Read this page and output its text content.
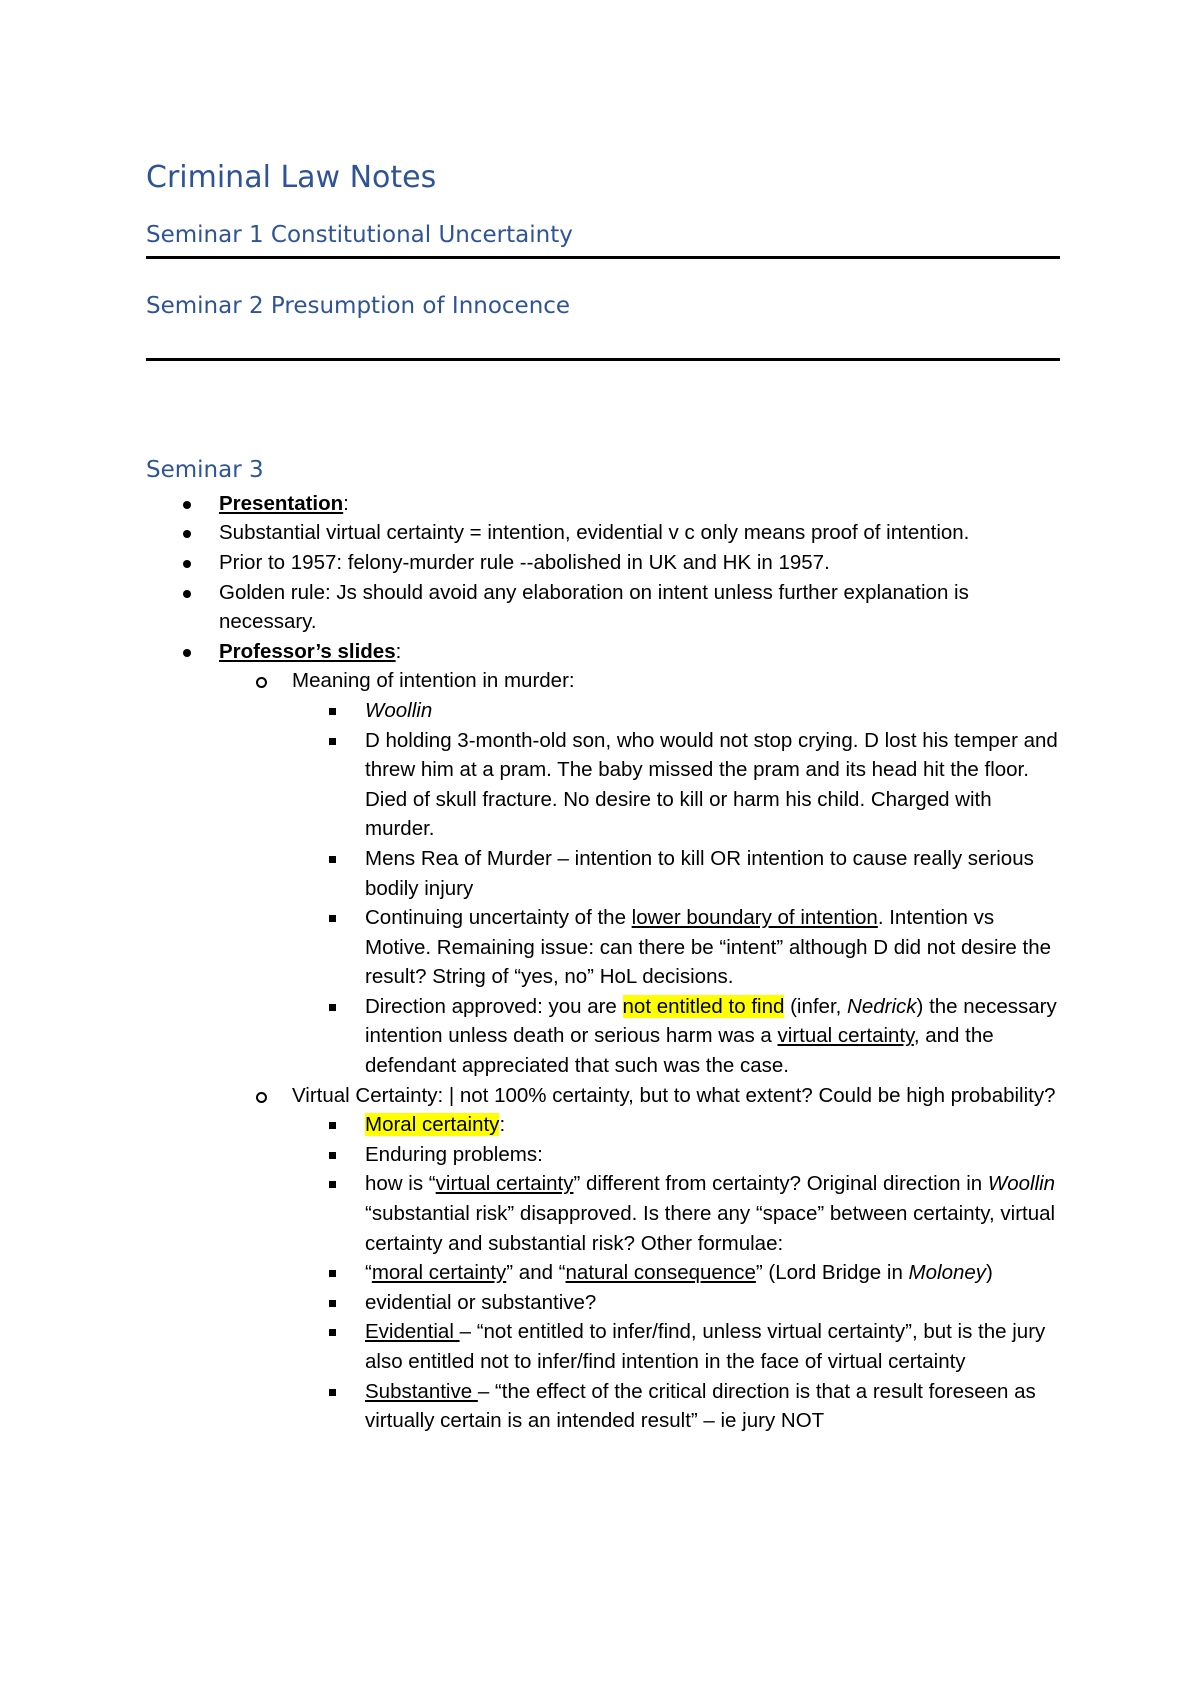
Criminal Law Notes
Seminar 1 Constitutional Uncertainty
Seminar 2 Presumption of Innocence
Seminar 3
Presentation:
Substantial virtual certainty = intention, evidential v c only means proof of intention.
Prior to 1957: felony-murder rule --abolished in UK and HK in 1957.
Golden rule: Js should avoid any elaboration on intent unless further explanation is necessary.
Professor’s slides:
Meaning of intention in murder:
Woollin
D holding 3-month-old son, who would not stop crying. D lost his temper and threw him at a pram. The baby missed the pram and its head hit the floor. Died of skull fracture. No desire to kill or harm his child. Charged with murder.
Mens Rea of Murder – intention to kill OR intention to cause really serious bodily injury
Continuing uncertainty of the lower boundary of intention. Intention vs Motive. Remaining issue: can there be “intent” although D did not desire the result? String of “yes, no” HoL decisions.
Direction approved: you are not entitled to find (infer, Nedrick) the necessary intention unless death or serious harm was a virtual certainty, and the defendant appreciated that such was the case.
Virtual Certainty: | not 100% certainty, but to what extent? Could be high probability?
Moral certainty:
Enduring problems:
how is “virtual certainty” different from certainty? Original direction in Woollin “substantial risk” disapproved. Is there any “space” between certainty, virtual certainty and substantial risk? Other formulae:
“moral certainty” and “natural consequence” (Lord Bridge in Moloney)
evidential or substantive?
Evidential – “not entitled to infer/find, unless virtual certainty”, but is the jury also entitled not to infer/find intention in the face of virtual certainty
Substantive – “the effect of the critical direction is that a result foreseen as virtually certain is an intended result” – ie jury NOT
